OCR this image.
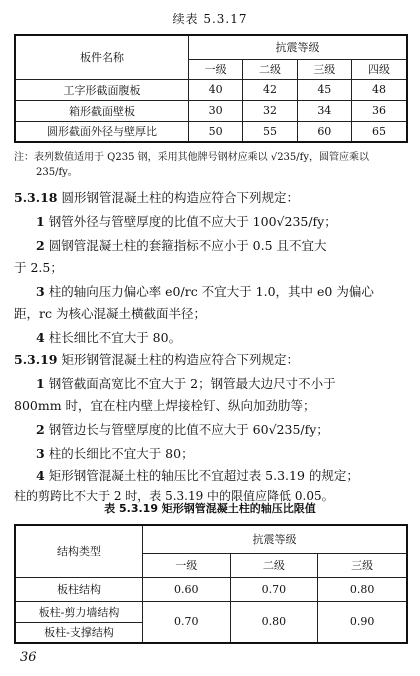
续表 5.3.17
板件名称	抗震等级			
	一级	二级	三级	四级
工字形截面腹板	40	42	45	48
箱形截面壁板	30	32	34	36
圆形截面外径与壁厚比	50	55	60	65
注：表列数值适用于 Q235 钢，采用其他牌号钢材应乘以 √235/fy，圆管应乘以
235/fy。
5.3.18 圆形钢管混凝土柱的构造应符合下列规定：
1 钢管外径与管壁厚度的比值不应大于 100√235/fy；
2 圆钢管混凝土柱的套箍指标不应小于 0.5 且不宜大
于 2.5；
3 柱的轴向压力偏心率 e0/rc 不宜大于 1.0，其中 e0 为偏心
距，rc 为核心混凝土横截面半径；
4 柱长细比不宜大于 80。
5.3.19 矩形钢管混凝土柱的构造应符合下列规定：
1 钢管截面高宽比不宜大于 2；钢管最大边尺寸不小于
800mm 时，宜在柱内壁上焊接栓钉、纵向加劲肋等；
2 钢管边长与管壁厚度的比值不应大于 60√235/fy；
3 柱的长细比不宜大于 80；
4 矩形钢管混凝土柱的轴压比不宜超过表 5.3.19 的规定；
柱的剪跨比不大于 2 时，表 5.3.19 中的限值应降低 0.05。
表 5.3.19 矩形钢管混凝土柱的轴压比限值
结构类型	抗震等级		
	一级	二级	三级
板柱结构	0.60	0.70	0.80
板柱-剪力墙结构	0.70	0.80	0.90
板柱-支撑结构			
36
